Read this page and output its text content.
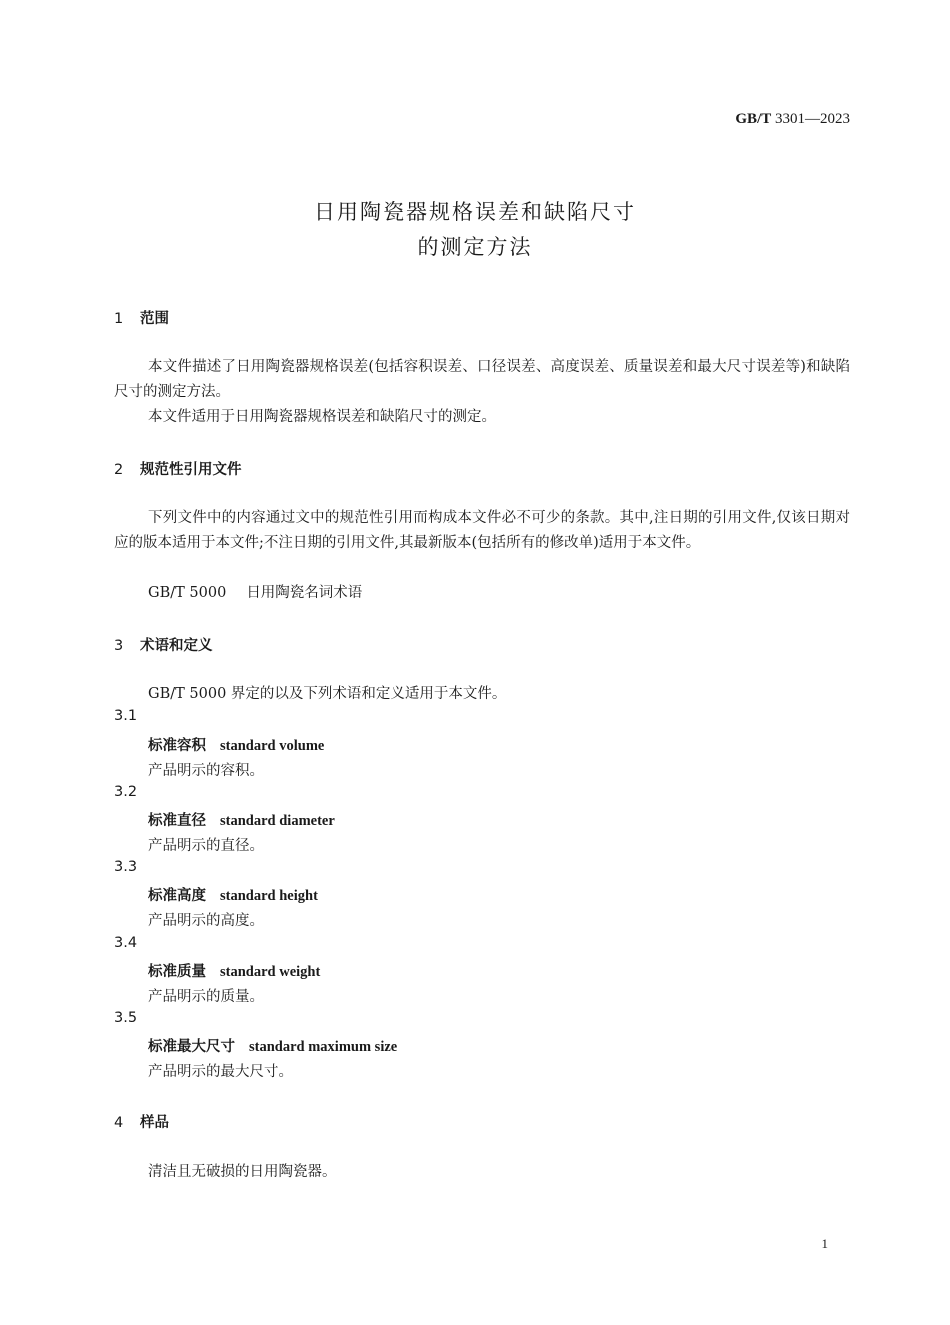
GB/T 3301—2023
日用陶瓷器规格误差和缺陷尺寸
的测定方法
1 范围
本文件描述了日用陶瓷器规格误差(包括容积误差、口径误差、高度误差、质量误差和最大尺寸误差等)和缺陷尺寸的测定方法。
本文件适用于日用陶瓷器规格误差和缺陷尺寸的测定。
2 规范性引用文件
下列文件中的内容通过文中的规范性引用而构成本文件必不可少的条款。其中,注日期的引用文件,仅该日期对应的版本适用于本文件;不注日期的引用文件,其最新版本(包括所有的修改单)适用于本文件。
GB/T 5000 日用陶瓷名词术语
3 术语和定义
GB/T 5000 界定的以及下列术语和定义适用于本文件。
3.1
标准容积 standard volume
产品明示的容积。
3.2
标准直径 standard diameter
产品明示的直径。
3.3
标准高度 standard height
产品明示的高度。
3.4
标准质量 standard weight
产品明示的质量。
3.5
标准最大尺寸 standard maximum size
产品明示的最大尺寸。
4 样品
清洁且无破损的日用陶瓷器。
1
